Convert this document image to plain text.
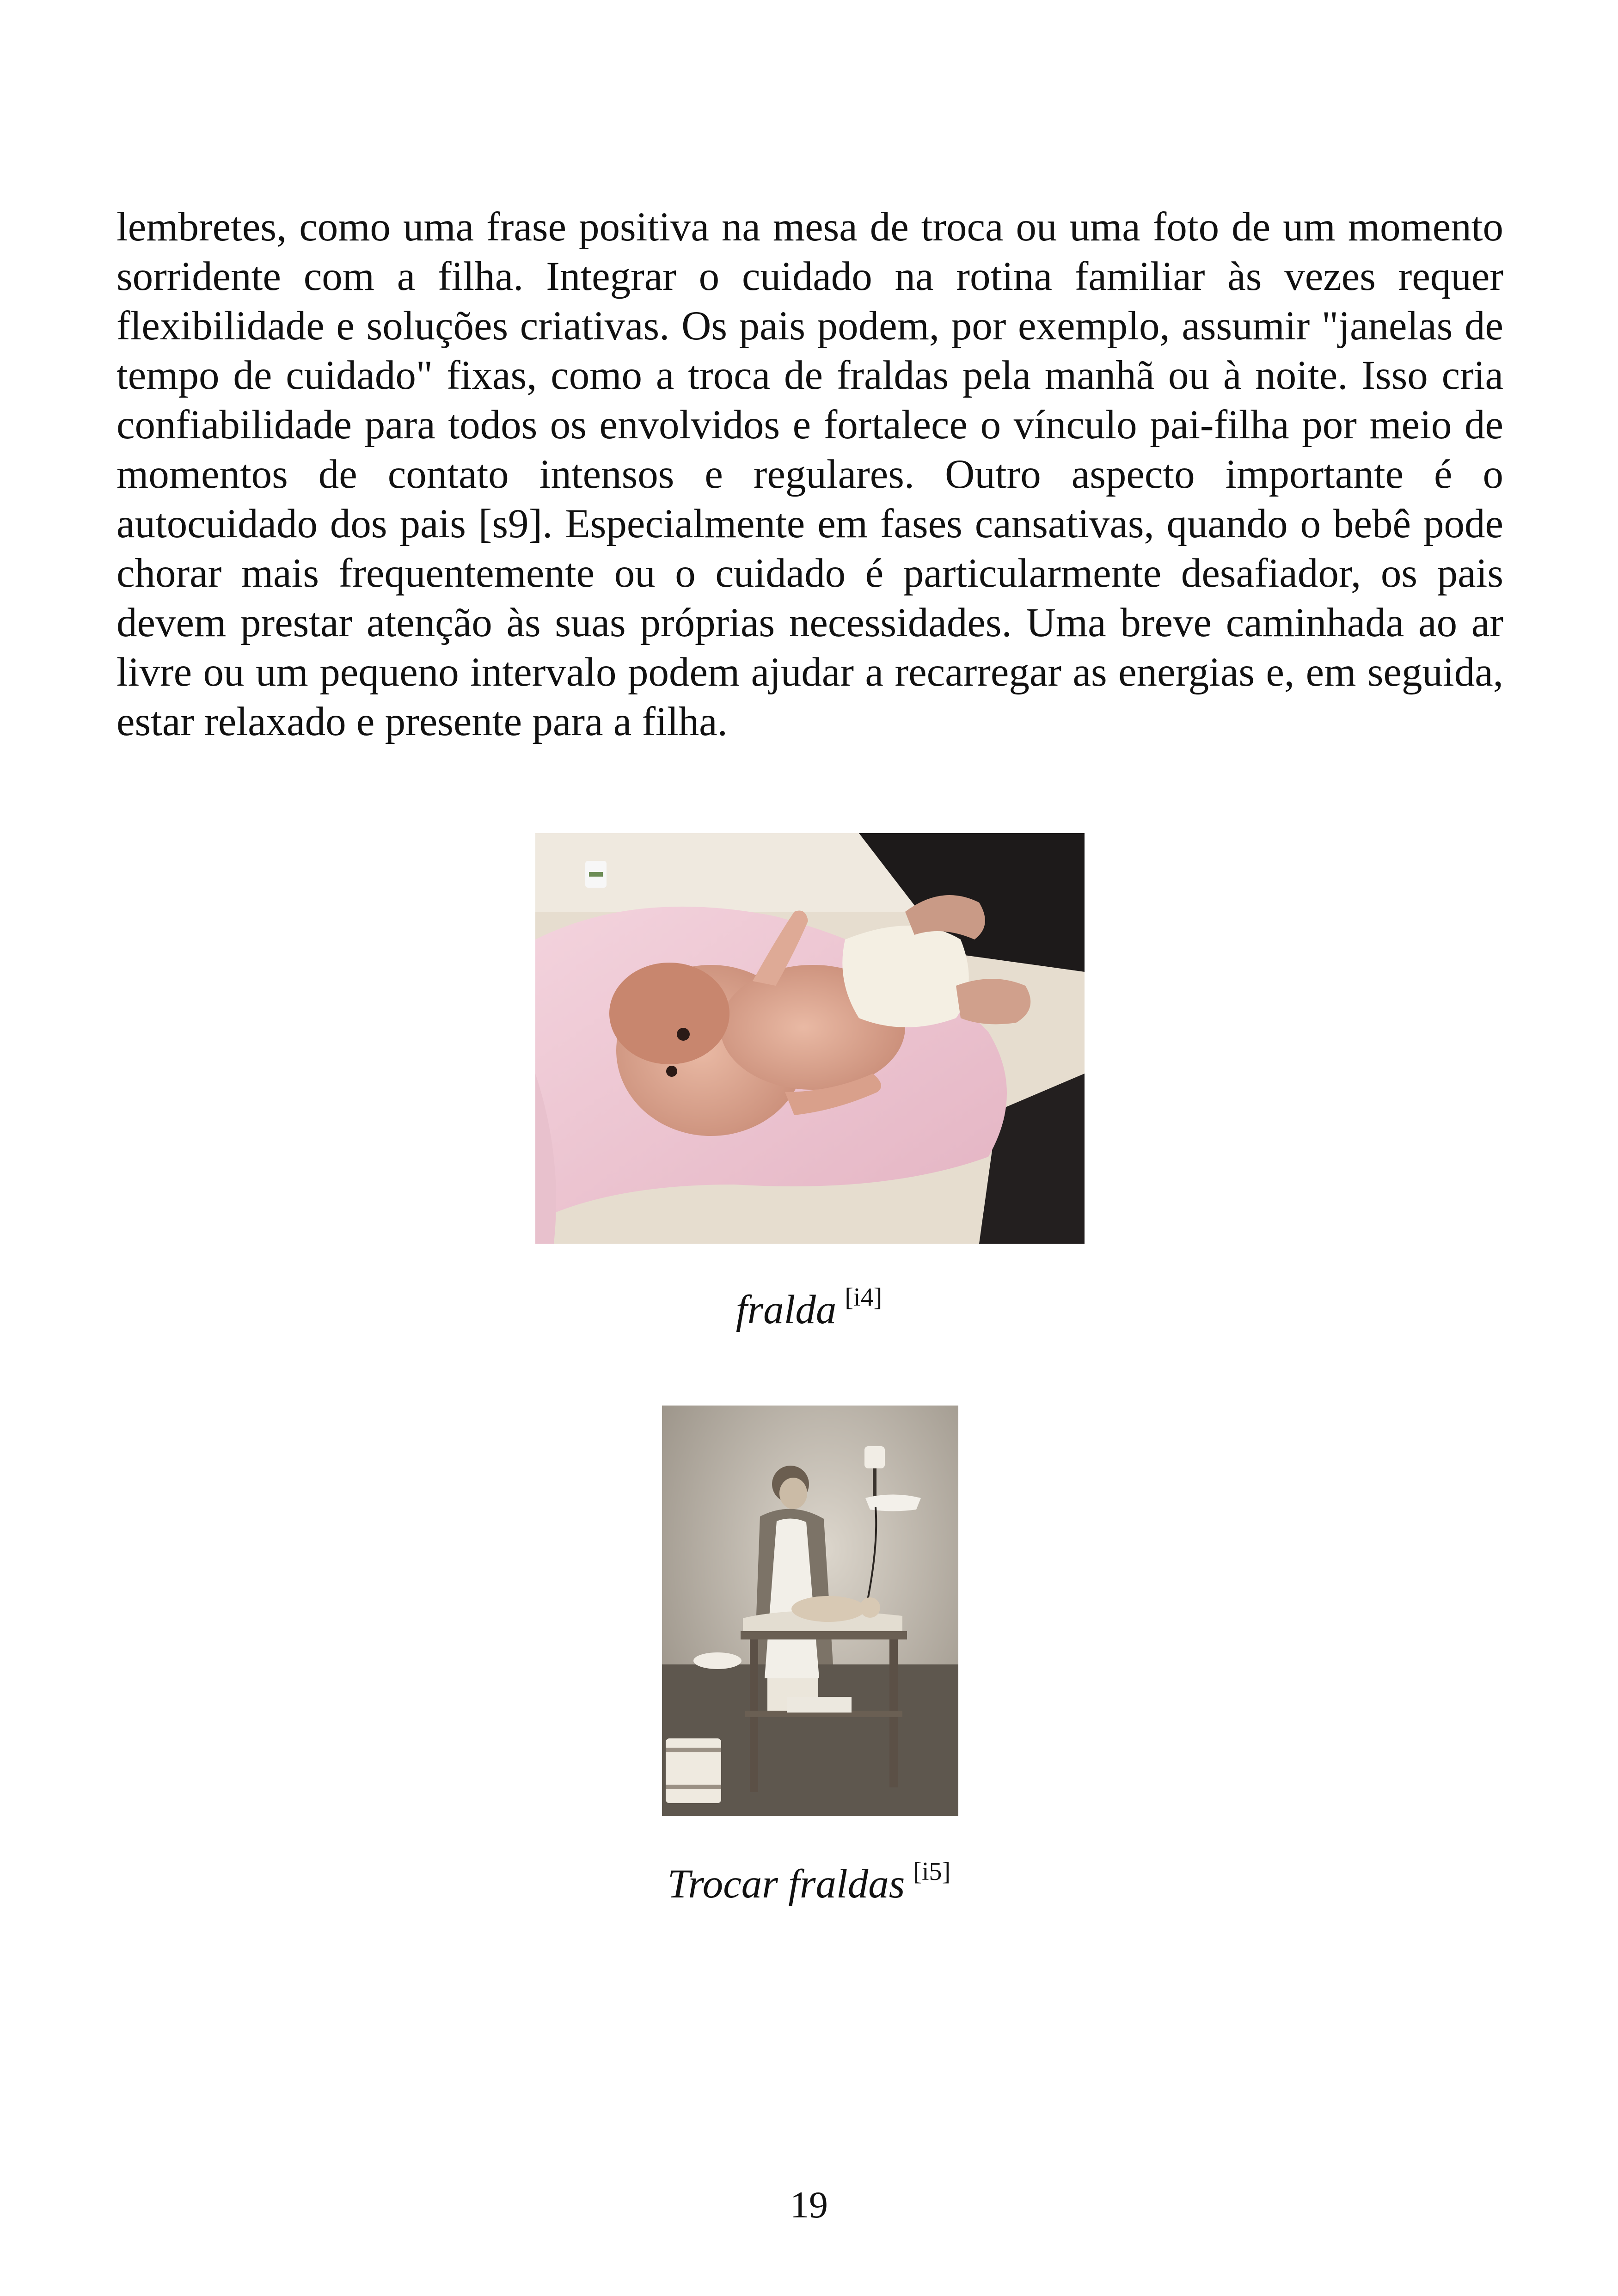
lembretes, como uma frase positiva na mesa de troca ou uma foto de um momento sorridente com a filha. Integrar o cuidado na rotina familiar às vezes requer flexibilidade e soluções criativas. Os pais podem, por exemplo, assumir "janelas de tempo de cuidado" fixas, como a troca de fraldas pela manhã ou à noite. Isso cria confiabilidade para todos os envolvidos e fortalece o vínculo pai-filha por meio de momentos de contato intensos e regulares. Outro aspecto importante é o autocuidado dos pais [s9]. Especialmente em fases cansativas, quando o bebê pode chorar mais frequentemente ou o cuidado é particularmente desafiador, os pais devem prestar atenção às suas próprias necessidades. Uma breve caminhada ao ar livre ou um pequeno intervalo podem ajudar a recarregar as energias e, em seguida, estar relaxado e presente para a filha.

fralda [i4]
Trocar fraldas [i5]
19
